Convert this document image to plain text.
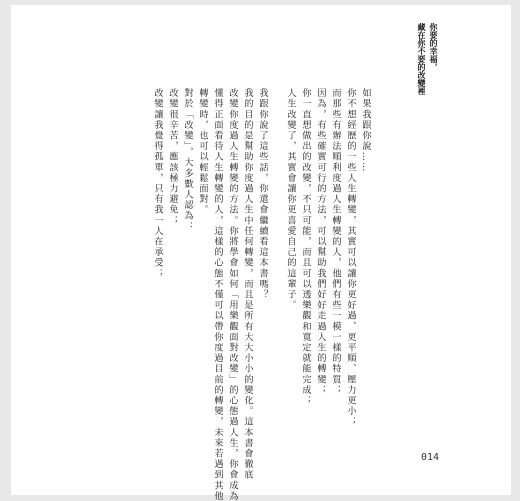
你要的幸福，
藏在你不要的改變裡
如果我跟你說……
你不想經歷的一些人生轉變，其實可以讓你更好過、更平順、壓力更小；
而那些有辦法順利度過人生轉變的人，他們有些一模一樣的特質；
因為，有些確實可行的方法，可以幫助我們好好走過人生的轉變；
你一直想做出的改變，不只可能，而且可以透樂觀和寬定就能完成；
人生改變了，其實會讓你更喜愛自己的這輩子。
我跟你說了這些話，你還會繼續看這本書嗎？
我的目的是幫助你度過人生中任何轉變，而且是所有大大小小的變化。這本書會徹底
改變你度過人生轉變的方法。你將學會如何「用樂觀面對改變」的心態過人生，你會成為
懂得正面看待人生轉變的人，這樣的心態不僅可以帶你度過目前的轉變，未來若遇到其他
轉變時，也可以輕鬆面對。
對於「改變」，大多數人認為：
改變很辛苦，應該極力避免；
改變讓我覺得孤單，只有我一人在承受；
014
